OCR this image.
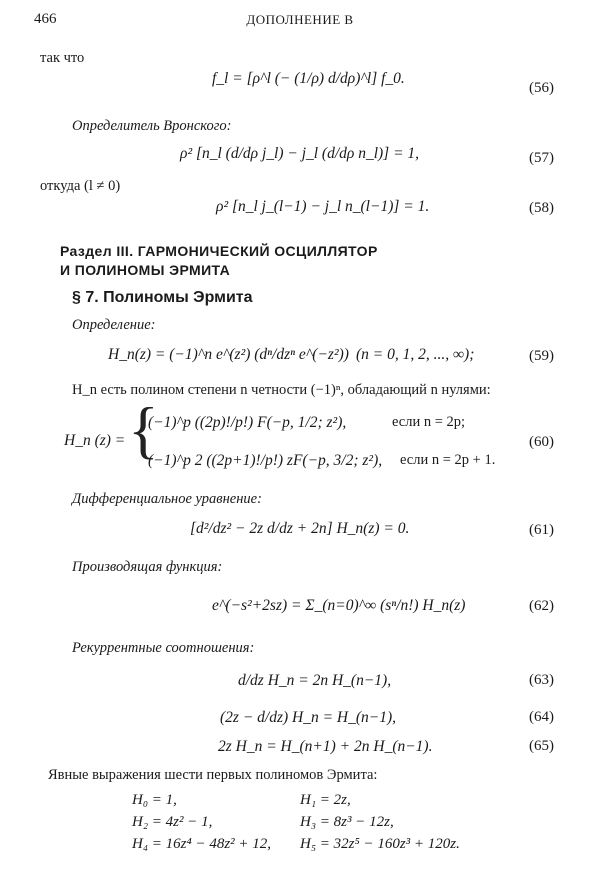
466	ДОПОЛНЕНИЕ В
так что
f_l = [ρ^l (− (1/ρ) d/dρ)^l] f_0.
(56)
Определитель Вронского:
ρ² [n_l (d/dρ j_l) − j_l (d/dρ n_l)] = 1,	(57)
откуда (l ≠ 0)
ρ² [n_l j_(l−1) − j_l n_(l−1)] = 1.	(58)
Раздел III. ГАРМОНИЧЕСКИЙ ОСЦИЛЛЯТОР
И ПОЛИНОМЫ ЭРМИТА
§ 7. Полиномы Эрмита
Определение:
H_n(z) = (−1)^n e^(z²) (dⁿ/dzⁿ e^(−z²)) (n = 0, 1, 2, ..., ∞);	(59)
H_n есть полином степени n четности (−1)ⁿ, обладающий n нулями:
H_n (z) = {
(−1)^p ((2p)!/p!) F(−p, 1/2; z²),	если n = 2p;
(−1)^p 2 ((2p+1)!/p!) zF(−p, 3/2; z²), если n = 2p + 1.
(60)
Дифференциальное уравнение:
[d²/dz² − 2z d/dz + 2n] H_n(z) = 0.	(61)
Производящая функция:
e^(−s²+2sz) = Σ_(n=0)^∞ (sⁿ/n!) H_n(z)	(62)
Рекуррентные соотношения:
d/dz H_n = 2n H_(n−1),	(63)
(2z − d/dz) H_n = H_(n−1),	(64)
2z H_n = H_(n+1) + 2n H_(n−1).	(65)
Явные выражения шести первых полиномов Эрмита:
H₀ = 1,	H₁ = 2z,
H₂ = 4z² − 1,	H₃ = 8z³ − 12z,
H₄ = 16z⁴ − 48z² + 12, H₅ = 32z⁵ − 160z³ + 120z.
